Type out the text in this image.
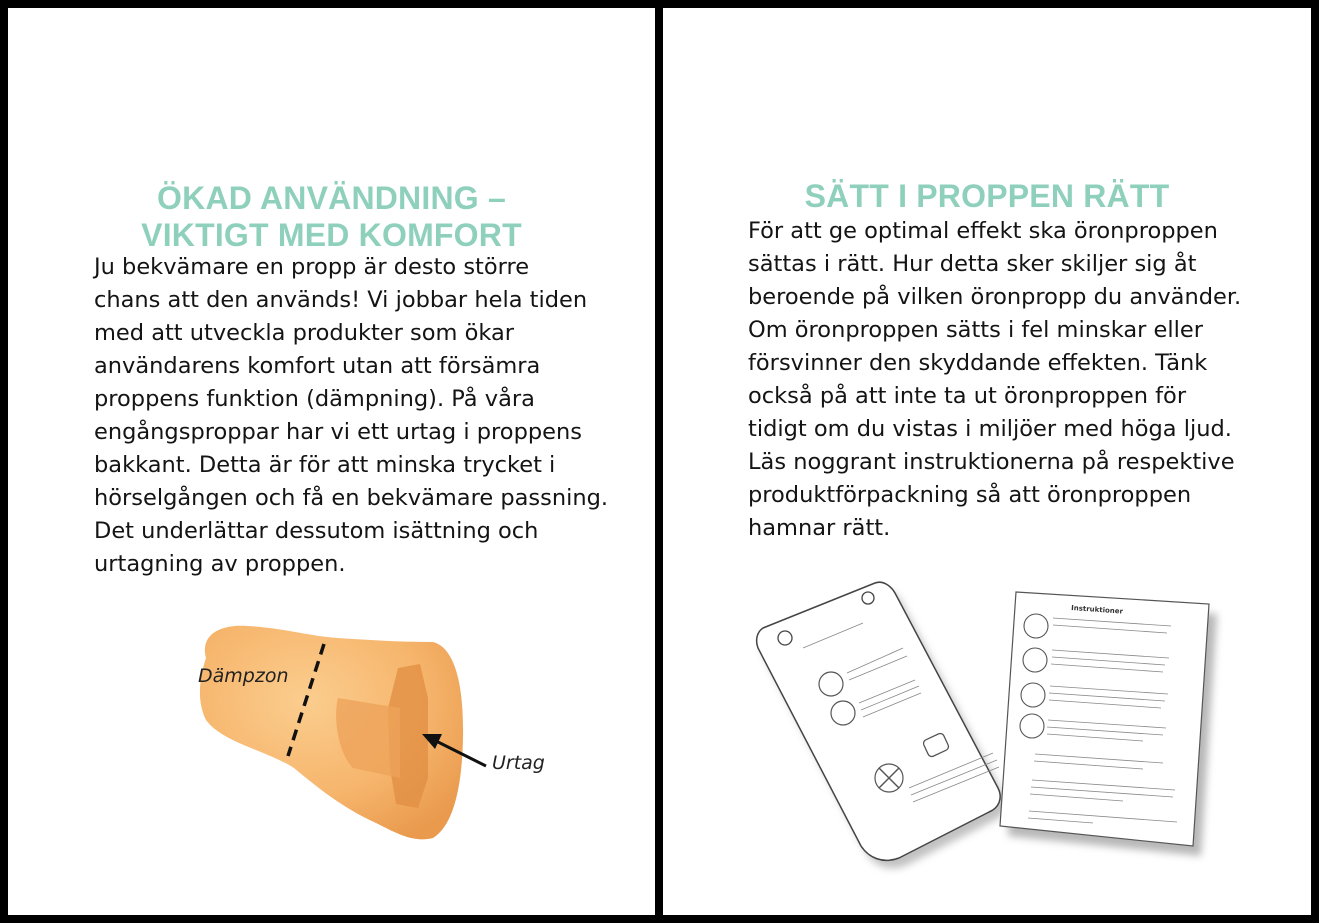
ÖKAD ANVÄNDNING –
VIKTIGT MED KOMFORT

Ju bekvämare en propp är desto större
chans att den används! Vi jobbar hela tiden
med att utveckla produkter som ökar
användarens komfort utan att försämra
proppens funktion (dämpning). På våra
engångsproppar har vi ett urtag i proppens
bakkant. Detta är för att minska trycket i
hörselgången och få en bekvämare passning.
Det underlättar dessutom isättning och
urtagning av proppen.

Dämpzon
Urtag
SÄTT I PROPPEN RÄTT

För att ge optimal effekt ska öronproppen
sättas i rätt. Hur detta sker skiljer sig åt
beroende på vilken öronpropp du använder.
Om öronproppen sätts i fel minskar eller
försvinner den skyddande effekten. Tänk
också på att inte ta ut öronproppen för
tidigt om du vistas i miljöer med höga ljud.
Läs noggrant instruktionerna på respektive
produktförpackning så att öronproppen
hamnar rätt.

Instruktioner
